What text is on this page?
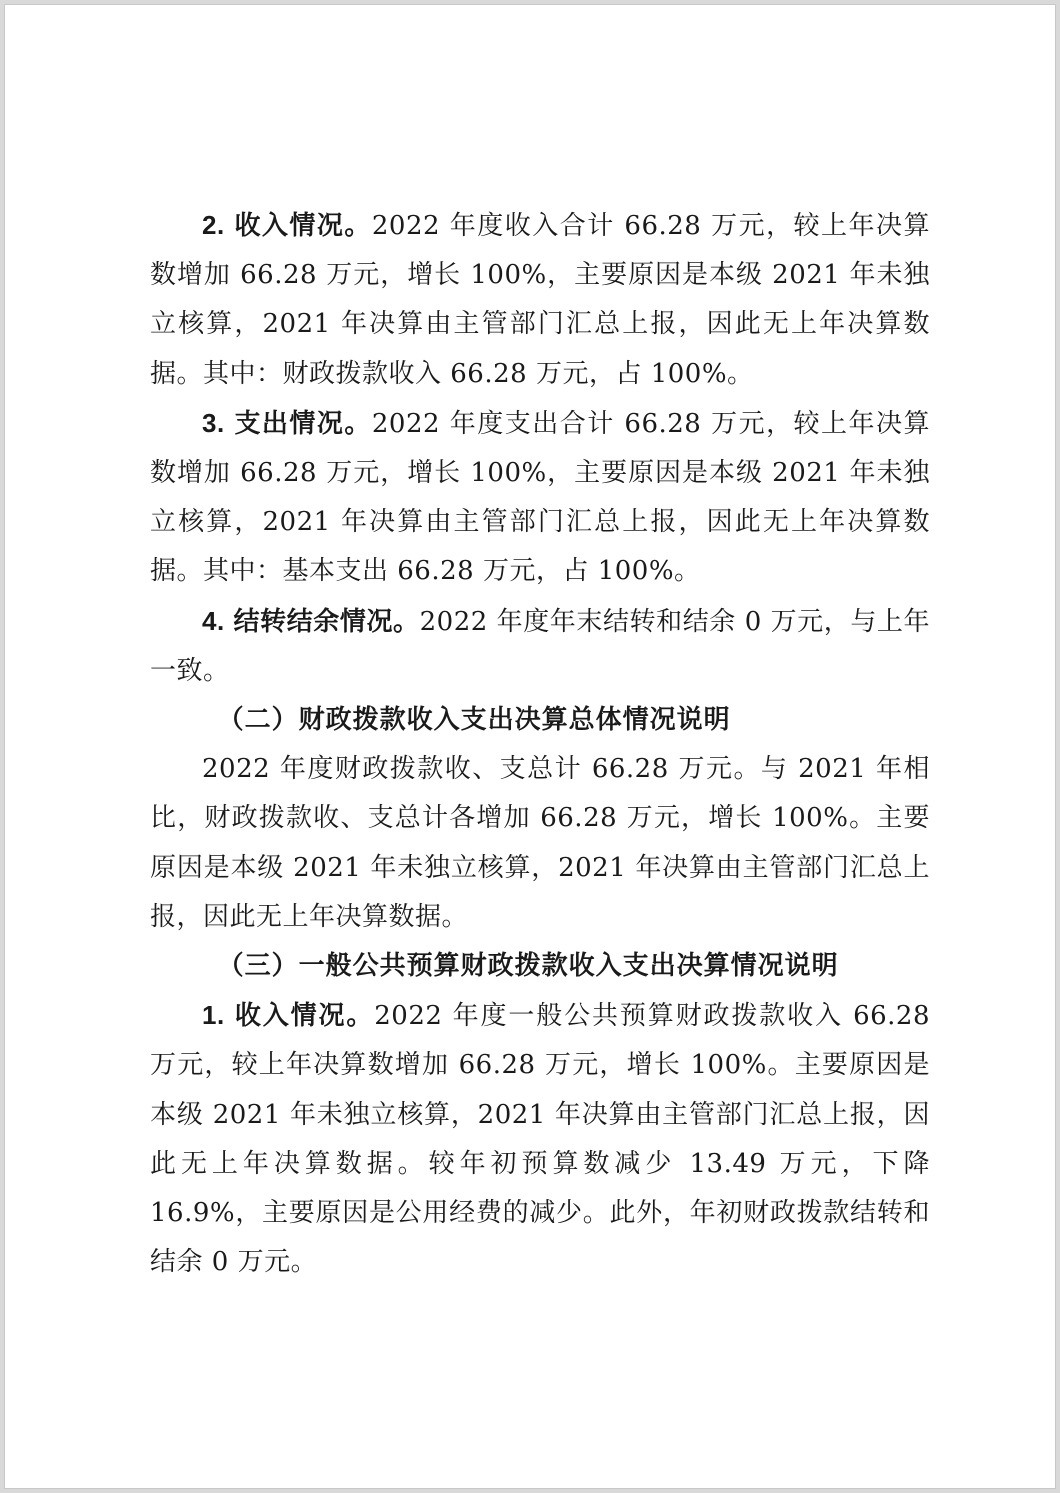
2. 收入情况。2022 年度收入合计 66.28 万元，较上年决算数增加 66.28 万元，增长 100%，主要原因是本级 2021 年未独立核算，2021 年决算由主管部门汇总上报，因此无上年决算数据。其中：财政拨款收入 66.28 万元，占 100%。

3. 支出情况。2022 年度支出合计 66.28 万元，较上年决算数增加 66.28 万元，增长 100%，主要原因是本级 2021 年未独立核算，2021 年决算由主管部门汇总上报，因此无上年决算数据。其中：基本支出 66.28 万元，占 100%。

4. 结转结余情况。2022 年度年末结转和结余 0 万元，与上年一致。

（二）财政拨款收入支出决算总体情况说明

2022 年度财政拨款收、支总计 66.28 万元。与 2021 年相比，财政拨款收、支总计各增加 66.28 万元，增长 100%。主要原因是本级 2021 年未独立核算，2021 年决算由主管部门汇总上报，因此无上年决算数据。

（三）一般公共预算财政拨款收入支出决算情况说明

1. 收入情况。2022 年度一般公共预算财政拨款收入 66.28 万元，较上年决算数增加 66.28 万元，增长 100%。主要原因是本级 2021 年未独立核算，2021 年决算由主管部门汇总上报，因此无上年决算数据。较年初预算数减少 13.49 万元，下降 16.9%，主要原因是公用经费的减少。此外，年初财政拨款结转和结余 0 万元。
